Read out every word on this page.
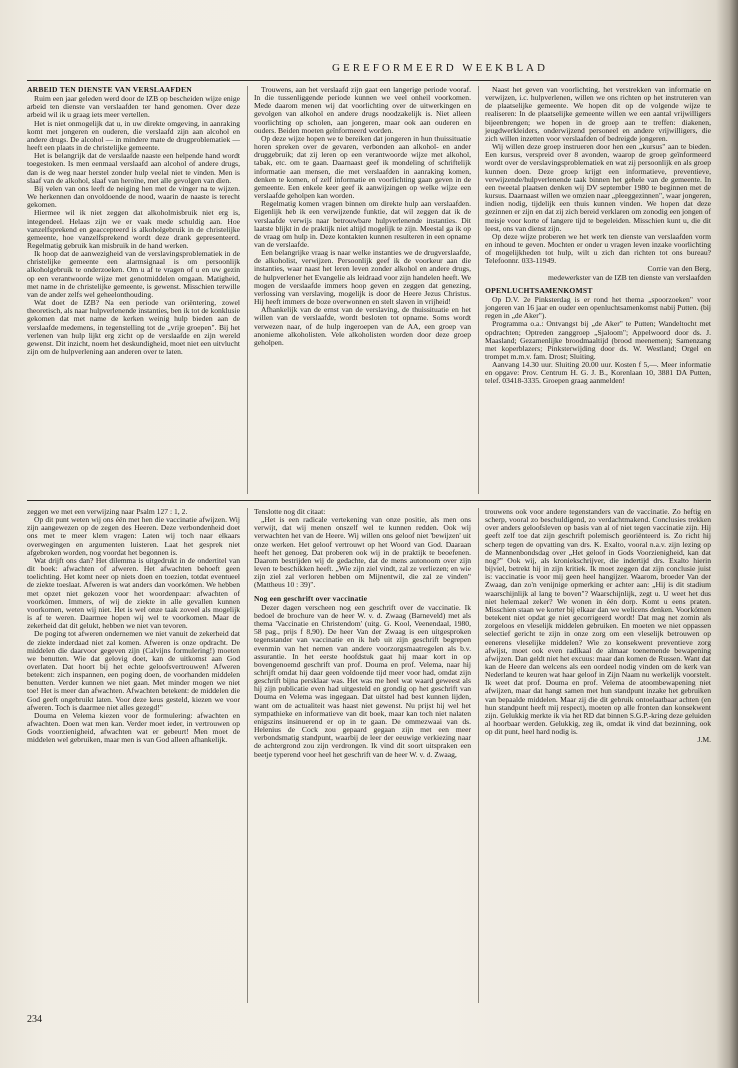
GEREFORMEERD WEEKBLAD
ARBEID TEN DIENSTE VAN VERSLAAFDEN

Ruim een jaar geleden werd door de IZB op bescheiden wijze enige arbeid ten dienste van verslaafden ter hand genomen. Over deze arbeid wil ik u graag iets meer vertellen.

Het is niet onmogelijk dat u, in uw direkte omgeving, in aanraking komt met jongeren en ouderen, die verslaafd zijn aan alcohol en andere drugs. De alcohol — in mindere mate de drugproblematiek — heeft een plaats in de christelijke gemeente.

Het is belangrijk dat de verslaafde naaste een helpende hand wordt toegestoken. Is men eenmaal verslaafd aan alcohol of andere drugs, dan is de weg naar herstel zonder hulp veelal niet te vinden. Men is slaaf van de alkohol, slaaf van heroïne, met alle gevolgen van dien.

Bij velen van ons leeft de neiging hen met de vinger na te wijzen. We herkennen dan onvoldoende de nood, waarin de naaste is terecht gekomen.

Hiermee wil ik niet zeggen dat alkoholmisbruik niet erg is, integendeel. Helaas zijn we er vaak mede schuldig aan. Hoe vanzelfsprekend en geaccepteerd is alkoholgebruik in de christelijke gemeente, hoe vanzelfsprekend wordt deze drank gepresenteerd. Regelmatig gebruik kan misbruik in de hand werken.

Ik hoop dat de aanwezigheid van de verslavingsproblematiek in de christelijke gemeente een alarmsignaal is om persoonlijk alkoholgebruik te onderzoeken. Om u af te vragen of u en uw gezin op een verantwoorde wijze met genotmiddelen omgaan. Matigheid, met name in de christelijke gemeente, is gewenst. Misschien terwille van de ander zelfs wel geheelonthouding.

Wat doet de IZB? Na een periode van oriëntering, zowel theoretisch, als naar hulpverlenende instanties, ben ik tot de konklusie gekomen dat met name de kerken weinig hulp bieden aan de verslaafde medemens, in tegenstelling tot de „vrije groepen". Bij het verlenen van hulp lijkt erg zicht op de verslaafde en zijn wereld gewenst. Dit inzicht, noem het deskundigheid, moet niet een uitvlucht zijn om de hulpverlening aan anderen over te laten.

Trouwens, aan het verslaafd zijn gaat een langerige periode vooraf. In die tussenliggende periode kunnen we veel onheil voorkomen. Mede daarom menen wij dat voorlichting over de uitwerkingen en gevolgen van alkohol en andere drugs noodzakelijk is. Niet alleen voorlichting op scholen, aan jongeren, maar ook aan ouderen en ouders. Beiden moeten geïnformeerd worden.

Op deze wijze hopen we te bereiken dat jongeren in hun thuissituatie horen spreken over de gevaren, verbonden aan alkohol- en ander druggebruik; dat zij leren op een verantwoorde wijze met alkohol, tabak, etc. om te gaan. Daarnaast geef ik mondeling of schriftelijk informatie aan mensen, die met verslaafden in aanraking komen, denken te komen, of zelf informatie en voorlichting gaan geven in de gemeente. Een enkele keer geef ik aanwijzingen op welke wijze een verslaafde geholpen kan worden.

Regelmatig komen vragen binnen om direkte hulp aan verslaafden. Eigenlijk heb ik een verwijzende funktie, dat wil zeggen dat ik de verslaafde verwijs naar betrouwbare hulpverlenende instanties. Dit laatste blijkt in de praktijk niet altijd mogelijk te zijn. Meestal ga ik op de vraag om hulp in. Deze kontakten kunnen resulteren in een opname van de verslaafde.

Een belangrijke vraag is naar welke instanties we de drugverslaafde, de alkoholist, verwijzen. Persoonlijk geef ik de voorkeur aan die instanties, waar naast het leren leven zonder alkohol en andere drugs, de hulpverlener het Evangelie als leidraad voor zijn handelen heeft. We mogen de verslaafde immers hoop geven en zeggen dat genezing, verlossing van verslaving, mogelijk is door de Heere Jezus Christus. Hij heeft immers de boze overwonnen en stelt slaven in vrijheid!

Afhankelijk van de ernst van de verslaving, de thuissituatie en het willen van de verslaafde, wordt besloten tot opname. Soms wordt verwezen naar, of de hulp ingeroepen van de AA, een groep van anonieme alkoholisten. Vele alkoholisten worden door deze groep geholpen.

Naast het geven van voorlichting, het verstrekken van informatie en verwijzen, i.c. hulpverlenen, willen we ons richten op het instruteren van de plaatselijke gemeente. We hopen dit op de volgende wijze te realiseren: In de plaatselijke gemeente willen we een aantal vrijwilligers bijeenbrengen; we hopen in de groep aan te treffen: diakenen, jeugdwerkleiders, onderwijzend personeel en andere vrijwilligers, die zich willen inzetten voor verslaafden of bedreigde jongeren.

Wij willen deze groep instrueren door hen een „kursus" aan te bieden. Een kursus, verspreid over 8 avonden, waarop de groep geïnformeerd wordt over de verslavingsproblematiek en wat zij persoonlijk en als groep kunnen doen. Deze groep krijgt een informatieve, preventieve, verwijzende/hulpverlenende taak binnen het gehele van de gemeente. In een tweetal plaatsen denken wij DV september 1980 te beginnen met de kursus. Daarnaast willen we omzien naar „pleeggezinnen", waar jongeren, indien nodig, tijdelijk een thuis kunnen vinden. We hopen dat deze gezinnen er zijn en dat zij zich bereid verklaren om zonodig een jongen of meisje voor korte of langere tijd te begeleiden. Misschien kunt u, die dit leest, ons van dienst zijn.

Op deze wijze proberen we het werk ten dienste van verslaafden vorm en inhoud te geven. Mochten er onder u vragen leven inzake voorlichting of mogelijkheden tot hulp, wilt u zich dan richten tot ons bureau? Telefoonnr. 033-11949.

Corrie van den Berg,

medewerkster van de IZB ten dienste van verslaafden

OPENLUCHTSAMENKOMST

Op D.V. 2e Pinksterdag is er rond het thema „spoorzoeken" voor jongeren van 16 jaar en ouder een openluchtsamenkomst nabij Putten. (bij regen in „de Aker").

Programma o.a.: Ontvangst bij „de Aker" te Putten; Wandeltocht met opdrachten; Optreden zanggroep „Sjaloom"; Appelwoord door ds. J. Maasland; Gezamenlijke broodmaaltijd (brood meenemen); Samenzang met koperblazers; Pinksterwijding door ds. W. Westland; Orgel en trompet m.m.v. fam. Drost; Sluiting.

Aanvang 14.30 uur. Sluiting 20.00 uur. Kosten f 5,—. Meer informatie en opgave: Prov. Centrum H. G. J. B., Korenlaan 10, 3881 DA Putten, telef. 03418-3335. Groepen graag aanmelden!

zeggen we met een verwijzing naar Psalm 127 : 1, 2.

Op dit punt weten wij ons één met hen die vaccinatie afwijzen. Wij zijn aangewezen op de zegen des Heeren. Deze verbondenheid doet ons met te meer klem vragen: Laten wij toch naar elkaars overwegingen en argumenten luisteren. Laat het gesprek niet afgebroken worden, nog voordat het begonnen is.

Wat drijft ons dan? Het dilemma is uitgedrukt in de ondertitel van dit boek: afwachten of afweren. Het afwachten behoeft geen toelichting. Het komt neer op niets doen en toezien, totdat eventueel de ziekte toeslaat. Afweren is wat anders dan voorkómen. We hebben met opzet niet gekozen voor het woordenpaar: afwachten of voorkómen. Immers, of wij de ziekte in alle gevallen kunnen voorkomen, weten wij niet. Het is wel onze taak zoveel als mogelijk is af te weren. Daarmee hopen wij wel te voorkomen. Maar de zekerheid dat dit gelukt, hebben we niet van tevoren.

De poging tot afweren ondernemen we niet vanuit de zekerheid dat de ziekte inderdaad niet zal komen. Afweren is onze opdracht. De middelen die daarvoor gegeven zijn (Calvijns formulering!) moeten we benutten. Wie dat gelovig doet, kan de uitkomst aan God overlaten. Dat hoort bij het echte geloofsvertrouwen! Afweren betekent: zich inspannen, een poging doen, de voorhanden middelen benutten. Verder kunnen we niet gaan. Met minder mogen we niet toe! Het is meer dan afwachten. Afwachten betekent: de middelen die God geeft ongebruikt laten. Voor deze keus gesteld, kiezen we voor afweren. Toch is daarmee niet alles gezegd!"

Douma en Velema kiezen voor de formulering: afwachten en afwachten. Doen wat men kan. Verder moet ieder, in vertrouwen op Gods voorzienigheid, afwachten wat er gebeurt! Men moet de middelen wel gebruiken, maar men is van God alleen afhankelijk.

Tenslotte nog dit citaat:

„Het is een radicale vertekening van onze positie, als men ons verwijt, dat wij menen onszelf wel te kunnen redden. Ook wij verwachten het van de Heere. Wij willen ons geloof niet 'bewijzen' uit onze werken. Het geloof vertrouwt op het Woord van God. Daaraan heeft het genoeg. Dat proberen ook wij in de praktijk te beoefenen. Daarom bestrijden wij de gedachte, dat de mens autonoom over zijn leven te beschikken heeft. „Wie zijn ziel vindt, zal ze verliezen; en wie zijn ziel zal verloren hebben om Mijnentwil, die zal ze vinden" (Mattheus 10 : 39)".

Nog een geschrift over vaccinatie

Dezer dagen verscheen nog een geschrift over de vaccinatie. Ik bedoel de brochure van de heer W. v. d. Zwaag (Barneveld) met als thema 'Vaccinatie en Christendom' (uitg. G. Kool, Veenendaal, 1980, 58 pag., prijs f 8,90). De heer Van der Zwaag is een uitgesproken tegenstander van vaccinatie en ik heb uit zijn geschrift begrepen evenmin van het nemen van andere voorzorgsmaatregelen als b.v. assurantie. In het eerste hoofdstuk gaat hij maar kort in op bovengenoemd geschrift van prof. Douma en prof. Velema, naar hij schrijft omdat hij daar geen voldoende tijd meer voor had, omdat zijn geschrift bijna persklaar was. Het was me heel wat waard geweest als hij zijn publicatie even had uitgesteld en grondig op het geschrift van Douma en Velema was ingegaan. Dat uitstel had best kunnen lijden, want om de actualiteit was haast niet gewenst. Nu prijst hij wel het sympathieke en informatieve van dit boek, maar kan toch niet nalaten enigszins insinuerend er op in te gaan. De ommezwaai van ds. Helenius de Cock zou gepaard gegaan zijn met een meer verbondsmatig standpunt, waarbij de leer der eeuwige verkiezing naar de achtergrond zou zijn verdrongen. Ik vind dit soort uitspraken een beetje typerend voor heel het geschrift van de heer W. v. d. Zwaag,

trouwens ook voor andere tegenstanders van de vaccinatie. Zo heftig en scherp, vooral zo beschuldigend, zo verdachtmakend. Conclusies trekken over anders geloofsleven op basis van al of niet tegen vaccinatie zijn. Hij geeft zelf toe dat zijn geschrift polemisch georiënteerd is. Zo richt hij scherp tegen de opvatting van drs. K. Exalto, vooral n.a.v. zijn lezing op de Mannenbondsdag over „Het geloof in Gods Voorzienigheid, kan dat nog?" Ook wij, als kroniekschrijver, die indertijd drs. Exalto hierin bijviel, betrekt hij in zijn kritiek. Ik moet zeggen dat zijn conclusie juist is: vaccinatie is voor mij geen heel hangijzer. Waarom, broeder Van der Zwaag, dan zo'n venijnige opmerking er achter aan: „Hij is dit stadium waarschijnlijk al lang te boven"? Waarschijnlijk, zegt u. U weet het dus niet helemaal zeker? We wonen in één dorp. Komt u eens praten. Misschien staan we korter bij elkaar dan we welicens denken. Voorkómen betekent niet opdat ge niet gecorrigeerd wordt! Dat mag net zomin als zorgeloos en vleselijk middelen gebruiken. En moeten we niet oppassen selectief gericht te zijn in onze zorg om een vleselijk betrouwen op eenerens vleselijke middelen? Wie zo konsekwent preventieve zorg afwijst, moet ook even radikaal de almaar toenemende bewapening afwijzen. Dan geldt niet het excuus: maar dan komen de Russen. Want dat kan de Heere dan welcens als een oordeel nodig vinden om de kerk van Nederland te keuren wat haar geloof in Zijn Naam nu werkelijk voorstelt. Ik weet dat prof. Douma en prof. Velema de atoombewapening niet afwijzen, maar dat hangt samen met hun standpunt inzake het gebruiken van bepaalde middelen. Maar zij die dit gebruik ontoelaatbaar achten (en hun standpunt heeft mij respect), moeten op alle fronten dan konsekwent zijn. Gelukkig merkte ik via het RD dat binnen S.G.P.-kring deze geluiden al hoorbaar werden. Gelukkig, zeg ik, omdat ik vind dat bezinning, ook op dit punt, heel hard nodig is.

J.M.

234
